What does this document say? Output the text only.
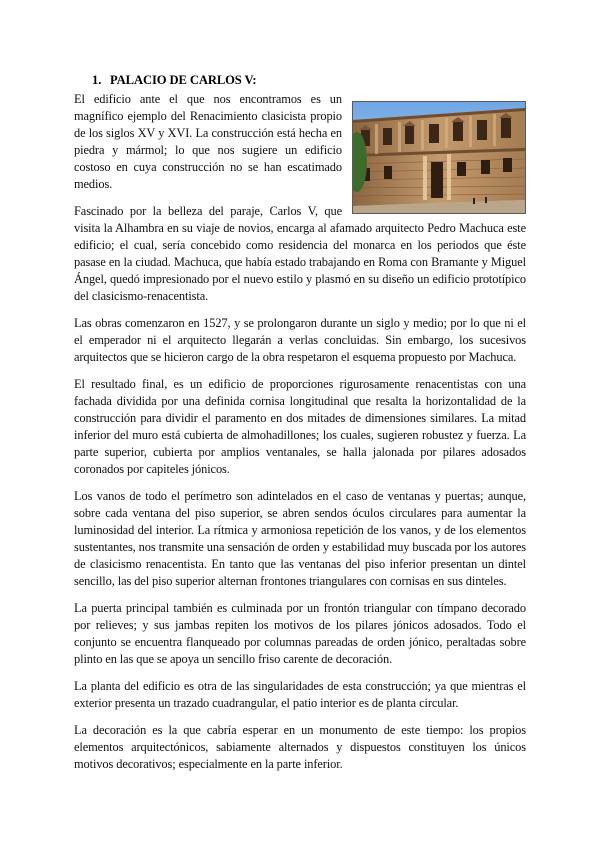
1. PALACIO DE CARLOS V:

El edificio ante el que nos encontramos es un magnífico ejemplo del Renacimiento clasicista propio de los siglos XV y XVI. La construcción está hecha en piedra y mármol; lo que nos sugiere un edificio costoso en cuya construcción no se han escatimado medios.

Fascinado por la belleza del paraje, Carlos V, que visita la Alhambra en su viaje de novios, encarga al afamado arquitecto Pedro Machuca este edificio; el cual, sería concebido como residencia del monarca en los periodos que éste pasase en la ciudad. Machuca, que había estado trabajando en Roma con Bramante y Miguel Ángel, quedó impresionado por el nuevo estilo y plasmó en su diseño un edificio prototípico del clasicismo-renacentista.

Las obras comenzaron en 1527, y se prolongaron durante un siglo y medio; por lo que ni el el emperador ni el arquitecto llegarán a verlas concluidas. Sin embargo, los sucesivos arquitectos que se hicieron cargo de la obra respetaron el esquema propuesto por Machuca.

El resultado final, es un edificio de proporciones rigurosamente renacentistas con una fachada dividida por una definida cornisa longitudinal que resalta la horizontalidad de la construcción para dividir el paramento en dos mitades de dimensiones similares. La mitad inferior del muro está cubierta de almohadillones; los cuales, sugieren robustez y fuerza. La parte superior, cubierta por amplios ventanales, se halla jalonada por pilares adosados coronados por capiteles jónicos.

Los vanos de todo el perímetro son adintelados en el caso de ventanas y puertas; aunque, sobre cada ventana del piso superior, se abren sendos óculos circulares para aumentar la luminosidad del interior. La rítmica y armoniosa repetición de los vanos, y de los elementos sustentantes, nos transmite una sensación de orden y estabilidad muy buscada por los autores de clasicismo renacentista. En tanto que las ventanas del piso inferior presentan un dintel sencillo, las del piso superior alternan frontones triangulares con cornisas en sus dinteles.

La puerta principal también es culminada por un frontón triangular con tímpano decorado por relieves; y sus jambas repiten los motivos de los pilares jónicos adosados. Todo el conjunto se encuentra flanqueado por columnas pareadas de orden jónico, peraltadas sobre plinto en las que se apoya un sencillo friso carente de decoración.

La planta del edificio es otra de las singularidades de esta construcción; ya que mientras el exterior presenta un trazado cuadrangular, el patio interior es de planta circular.

La decoración es la que cabría esperar en un monumento de este tiempo: los propios elementos arquitectónicos, sabiamente alternados y dispuestos constituyen los únicos motivos decorativos; especialmente en la parte inferior.
